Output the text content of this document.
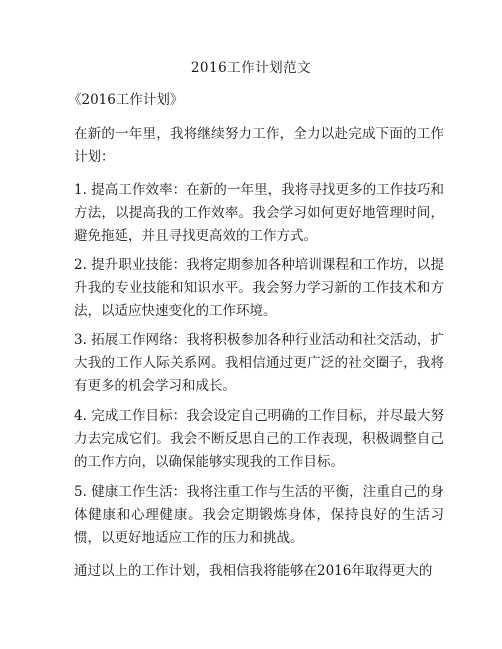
2016工作计划范文
《2016工作计划》
在新的一年里，我将继续努力工作，全力以赴完成下面的工作计划：
1. 提高工作效率：在新的一年里，我将寻找更多的工作技巧和方法，以提高我的工作效率。我会学习如何更好地管理时间，避免拖延，并且寻找更高效的工作方式。
2. 提升职业技能：我将定期参加各种培训课程和工作坊，以提升我的专业技能和知识水平。我会努力学习新的工作技术和方法，以适应快速变化的工作环境。
3. 拓展工作网络：我将积极参加各种行业活动和社交活动，扩大我的工作人际关系网。我相信通过更广泛的社交圈子，我将有更多的机会学习和成长。
4. 完成工作目标：我会设定自己明确的工作目标，并尽最大努力去完成它们。我会不断反思自己的工作表现，积极调整自己的工作方向，以确保能够实现我的工作目标。
5. 健康工作生活：我将注重工作与生活的平衡，注重自己的身体健康和心理健康。我会定期锻炼身体，保持良好的生活习惯，以更好地适应工作的压力和挑战。
通过以上的工作计划，我相信我将能够在2016年取得更大的
